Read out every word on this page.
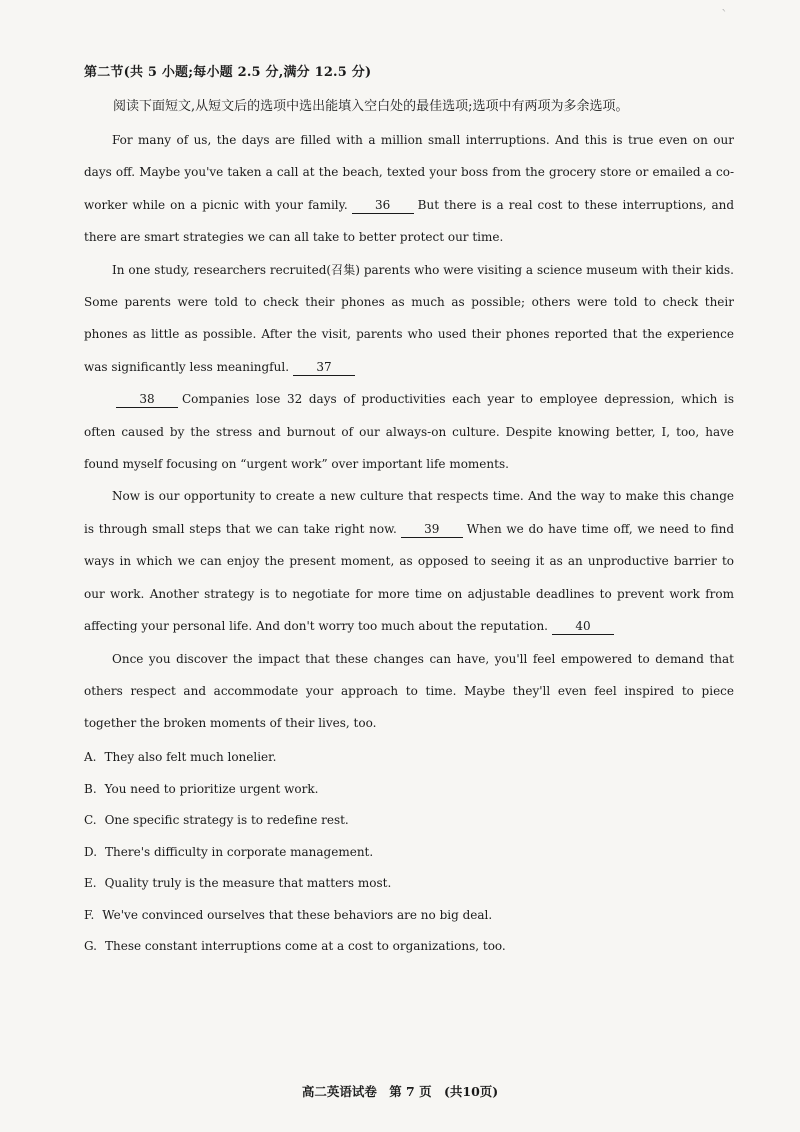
`
第二节(共 5 小题;每小题 2.5 分,满分 12.5 分)
阅读下面短文,从短文后的选项中选出能填入空白处的最佳选项;选项中有两项为多余选项。

For many of us, the days are filled with a million small interruptions. And this is true even on our days off. Maybe you've taken a call at the beach, texted your boss from the grocery store or emailed a co-worker while on a picnic with your family. 36 But there is a real cost to these interruptions, and there are smart strategies we can all take to better protect our time.

In one study, researchers recruited(召集) parents who were visiting a science museum with their kids. Some parents were told to check their phones as much as possible; others were told to check their phones as little as possible. After the visit, parents who used their phones reported that the experience was significantly less meaningful. 37

38 Companies lose 32 days of productivities each year to employee depression, which is often caused by the stress and burnout of our always-on culture. Despite knowing better, I, too, have found myself focusing on “urgent work” over important life moments.

Now is our opportunity to create a new culture that respects time. And the way to make this change is through small steps that we can take right now. 39 When we do have time off, we need to find ways in which we can enjoy the present moment, as opposed to seeing it as an unproductive barrier to our work. Another strategy is to negotiate for more time on adjustable deadlines to prevent work from affecting your personal life. And don't worry too much about the reputation. 40

Once you discover the impact that these changes can have, you'll feel empowered to demand that others respect and accommodate your approach to time. Maybe they'll even feel inspired to piece together the broken moments of their lives, too.

A. They also felt much lonelier.
B. You need to prioritize urgent work.
C. One specific strategy is to redefine rest.
D. There's difficulty in corporate management.
E. Quality truly is the measure that matters most.
F. We've convinced ourselves that these behaviors are no big deal.
G. These constant interruptions come at a cost to organizations, too.
高二英语试卷 第 7 页 (共10页)
